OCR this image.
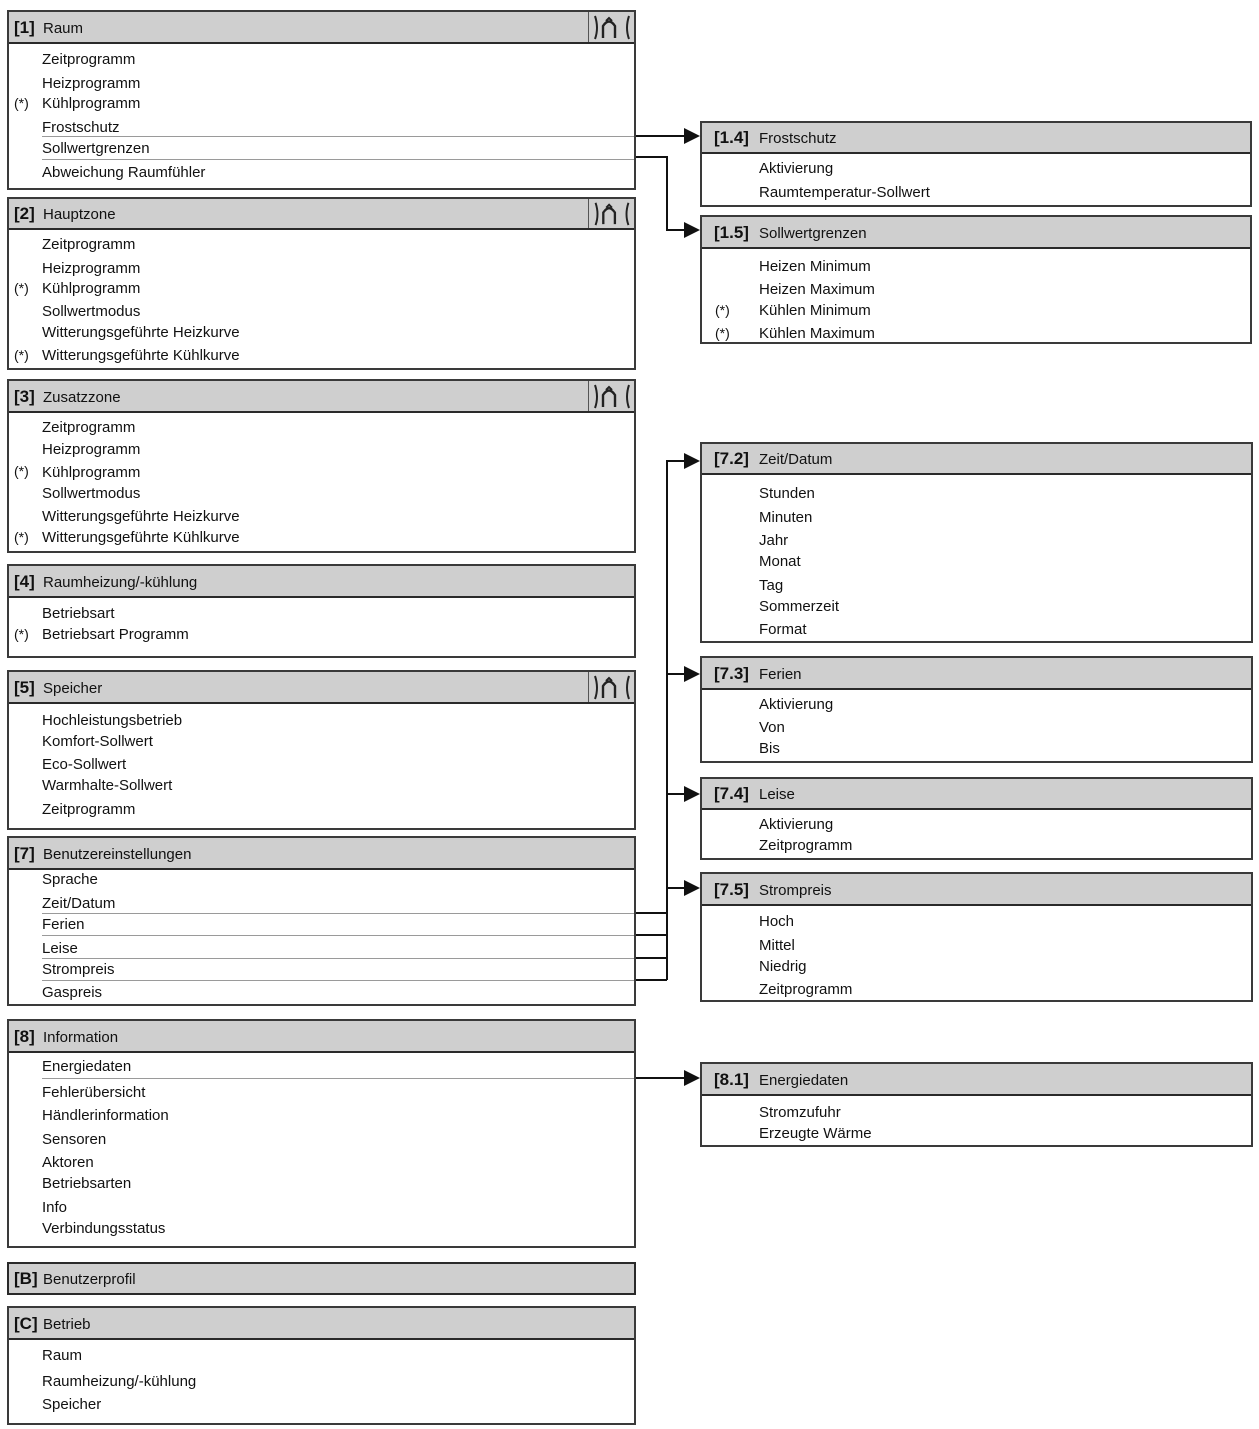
[1] Raum
Zeitprogramm
Heizprogramm
(*) Kühlprogramm
Frostschutz
Sollwertgrenzen
Abweichung Raumfühler
[2] Hauptzone
Zeitprogramm
Heizprogramm
(*) Kühlprogramm
Sollwertmodus
Witterungsgeführte Heizkurve
(*) Witterungsgeführte Kühlkurve
[3] Zusatzzone
Zeitprogramm
Heizprogramm
(*) Kühlprogramm
Sollwertmodus
Witterungsgeführte Heizkurve
(*) Witterungsgeführte Kühlkurve
[4] Raumheizung/-kühlung
Betriebsart
(*) Betriebsart Programm
[5] Speicher
Hochleistungsbetrieb
Komfort-Sollwert
Eco-Sollwert
Warmhalte-Sollwert
Zeitprogramm
[7] Benutzereinstellungen
Sprache
Zeit/Datum
Ferien
Leise
Strompreis
Gaspreis
[8] Information
Energiedaten
Fehlerübersicht
Händlerinformation
Sensoren
Aktoren
Betriebsarten
Info
Verbindungsstatus
[B] Benutzerprofil
[C] Betrieb
Raum
Raumheizung/-kühlung
Speicher
[1.4] Frostschutz
Aktivierung
Raumtemperatur-Sollwert
[1.5] Sollwertgrenzen
Heizen Minimum
Heizen Maximum
(*) Kühlen Minimum
(*) Kühlen Maximum
[7.2] Zeit/Datum
Stunden
Minuten
Jahr
Monat
Tag
Sommerzeit
Format
[7.3] Ferien
Aktivierung
Von
Bis
[7.4] Leise
Aktivierung
Zeitprogramm
[7.5] Strompreis
Hoch
Mittel
Niedrig
Zeitprogramm
[8.1] Energiedaten
Stromzufuhr
Erzeugte Wärme
